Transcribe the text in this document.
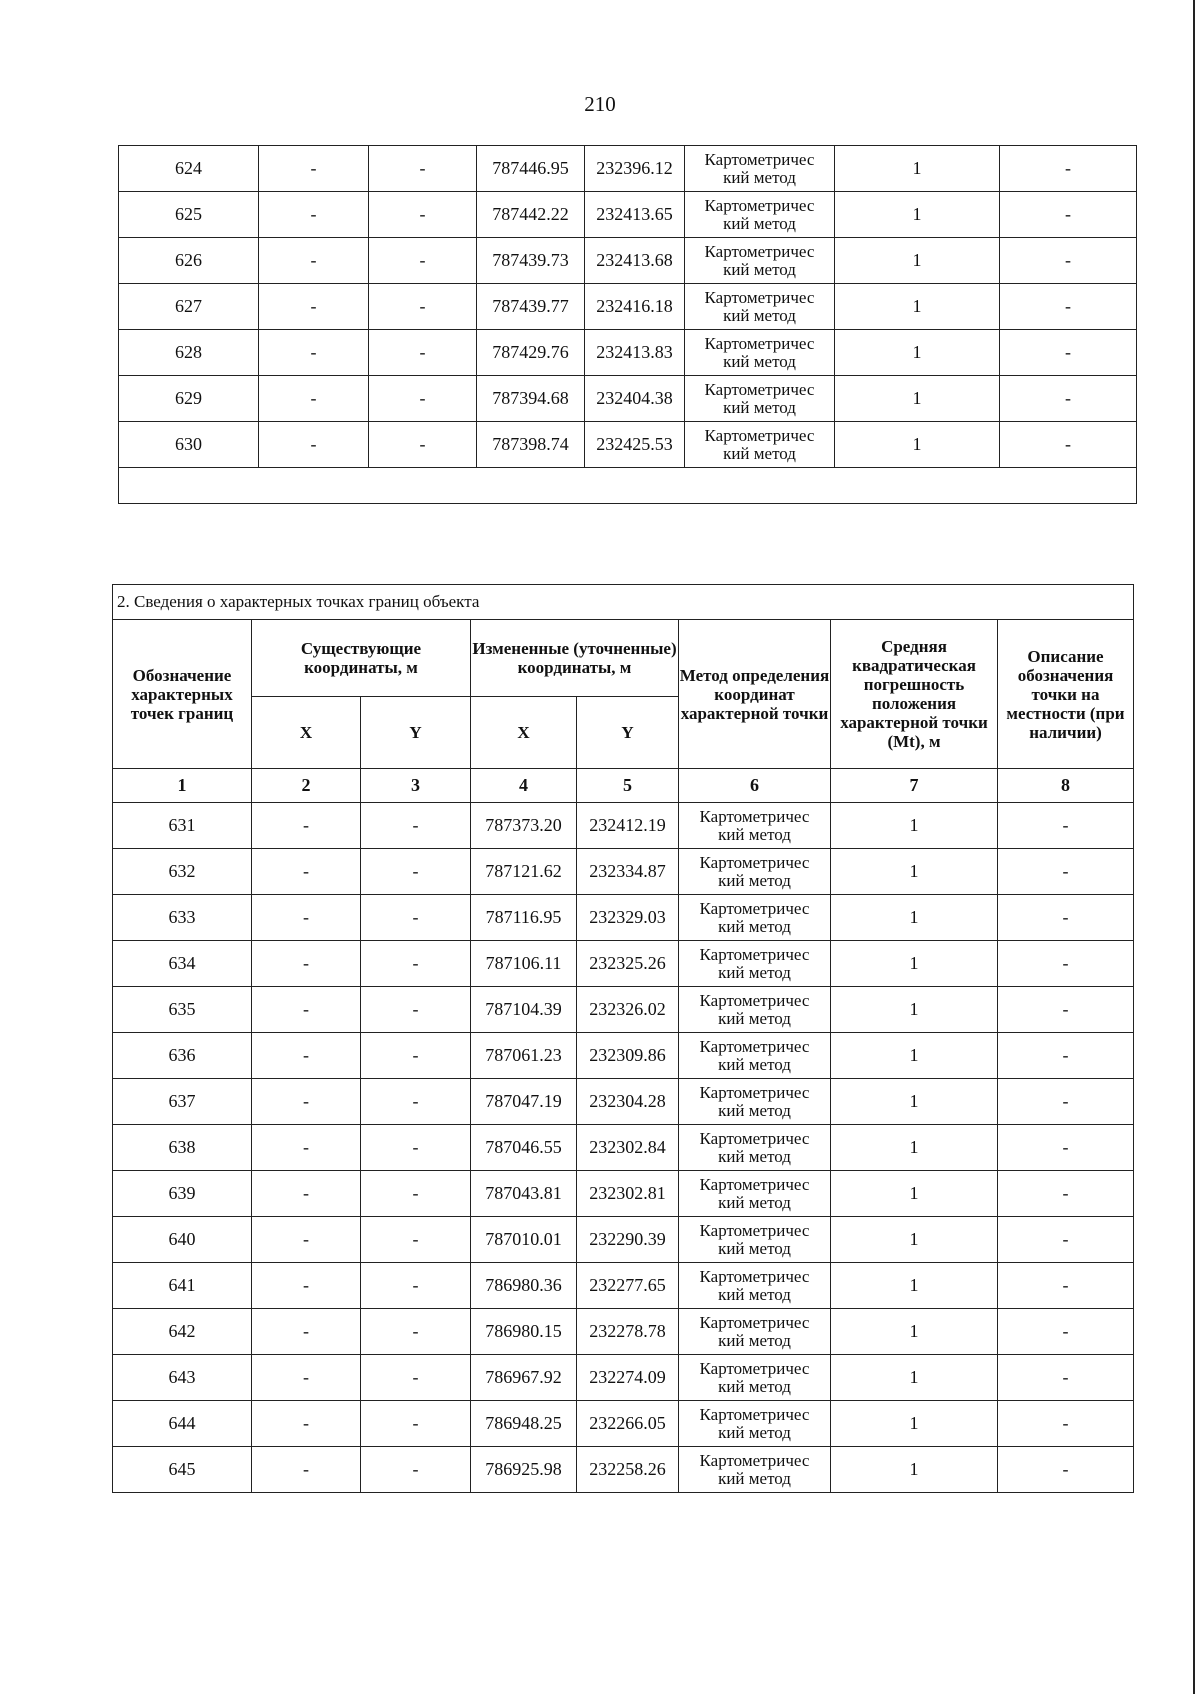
210
624	-	-	787446.95	232396.12	Картометричес
кий метод	1	-
625	-	-	787442.22	232413.65	Картометричес
кий метод	1	-
626	-	-	787439.73	232413.68	Картометричес
кий метод	1	-
627	-	-	787439.77	232416.18	Картометричес
кий метод	1	-
628	-	-	787429.76	232413.83	Картометричес
кий метод	1	-
629	-	-	787394.68	232404.38	Картометричес
кий метод	1	-
630	-	-	787398.74	232425.53	Картометричес
кий метод	1	-

2. Сведения о характерных точках границ объекта							
Обозначение характерных точек границ	Существующие координаты, м		Измененные (уточненные) координаты, м		Метод определения координат характерной точки	Средняя квадратическая погрешность положения характерной точки (Mt), м	Описание обозначения точки на местности (при наличии)
	X	Y	X	Y			
1	2	3	4	5	6	7	8
631	-	-	787373.20	232412.19	Картометричес
кий метод	1	-
632	-	-	787121.62	232334.87	Картометричес
кий метод	1	-
633	-	-	787116.95	232329.03	Картометричес
кий метод	1	-
634	-	-	787106.11	232325.26	Картометричес
кий метод	1	-
635	-	-	787104.39	232326.02	Картометричес
кий метод	1	-
636	-	-	787061.23	232309.86	Картометричес
кий метод	1	-
637	-	-	787047.19	232304.28	Картометричес
кий метод	1	-
638	-	-	787046.55	232302.84	Картометричес
кий метод	1	-
639	-	-	787043.81	232302.81	Картометричес
кий метод	1	-
640	-	-	787010.01	232290.39	Картометричес
кий метод	1	-
641	-	-	786980.36	232277.65	Картометричес
кий метод	1	-
642	-	-	786980.15	232278.78	Картометричес
кий метод	1	-
643	-	-	786967.92	232274.09	Картометричес
кий метод	1	-
644	-	-	786948.25	232266.05	Картометричес
кий метод	1	-
645	-	-	786925.98	232258.26	Картометричес
кий метод	1	-
